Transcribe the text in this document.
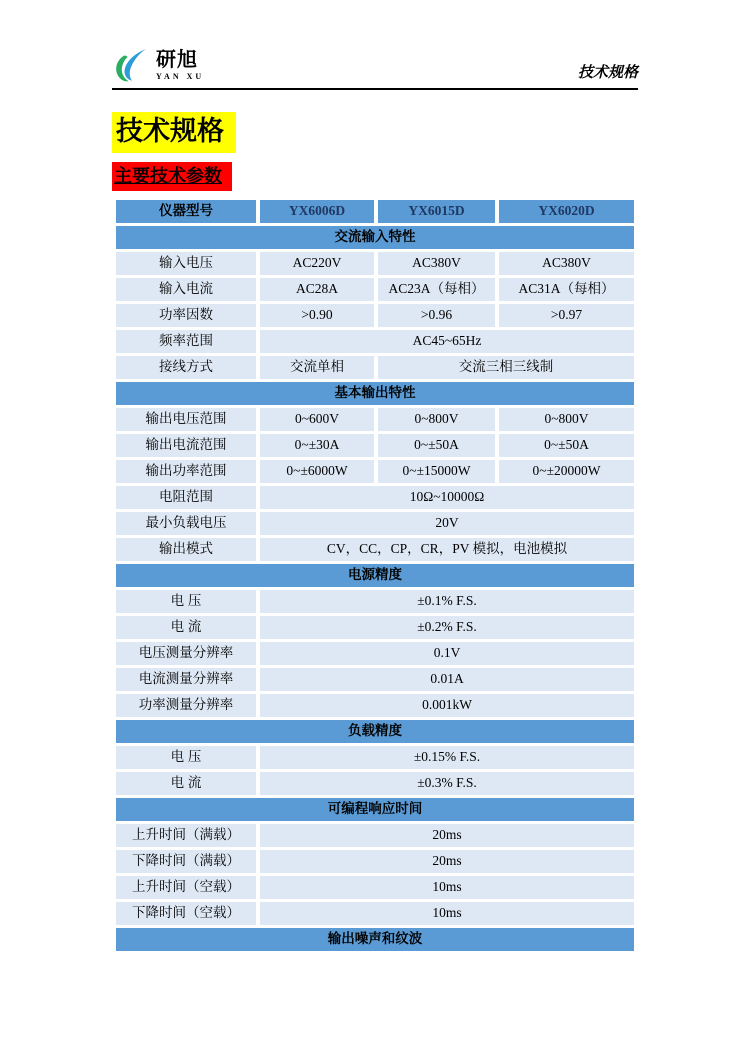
研旭
YAN XU	技术规格
技术规格
主要技术参数
仪器型号	YX6006D	YX6015D	YX6020D
交流输入特性			
输入电压	AC220V	AC380V	AC380V
输入电流	AC28A	AC23A（每相）	AC31A（每相）
功率因数	>0.90	>0.96	>0.97
频率范围	AC45~65Hz		
接线方式	交流单相	交流三相三线制	
基本输出特性			
输出电压范围	0~600V	0~800V	0~800V
输出电流范围	0~±30A	0~±50A	0~±50A
输出功率范围	0~±6000W	0~±15000W	0~±20000W
电阻范围	10Ω~10000Ω		
最小负载电压	20V		
输出模式	CV，CC，CP，CR，PV 模拟，电池模拟		
电源精度			
电 压	±0.1% F.S.		
电 流	±0.2% F.S.		
电压测量分辨率	0.1V		
电流测量分辨率	0.01A		
功率测量分辨率	0.001kW		
负载精度			
电 压	±0.15% F.S.		
电 流	±0.3% F.S.		
可编程响应时间			
上升时间（满载）	20ms		
下降时间（满载）	20ms		
上升时间（空载）	10ms		
下降时间（空载）	10ms		
输出噪声和纹波			
